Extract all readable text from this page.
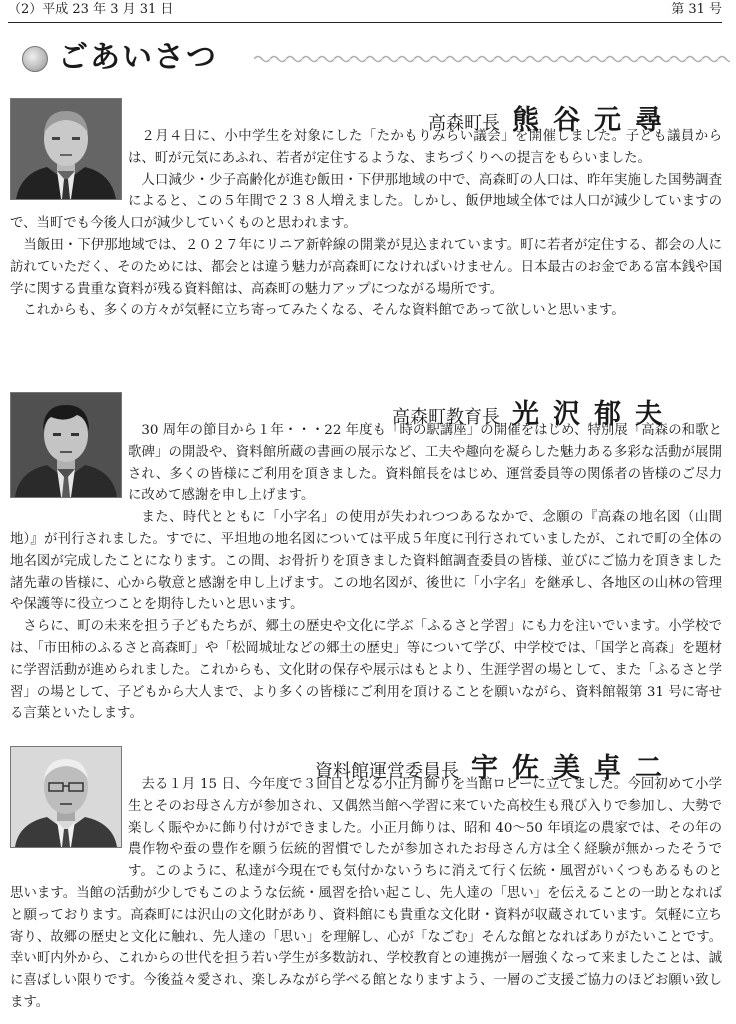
（2）平成 23 年 3 月 31 日	第 31 号
ごあいさつ
高森町長 熊谷元尋

２月４日に、小中学生を対象にした「たかもりみらい議会」を開催しました。子ども議員からは、町が元気にあふれ、若者が定住するような、まちづくりへの提言をもらいました。

人口減少・少子高齢化が進む飯田・下伊那地域の中で、高森町の人口は、昨年実施した国勢調査によると、この５年間で２３８人増えました。しかし、飯伊地域全体では人口が減少していますので、当町でも今後人口が減少していくものと思われます。

当飯田・下伊那地域では、２０２７年にリニア新幹線の開業が見込まれています。町に若者が定住する、都会の人に訪れていただく、そのためには、都会とは違う魅力が高森町になければいけません。日本最古のお金である富本銭や国学に関する貴重な資料が残る資料館は、高森町の魅力アップにつながる場所です。

これからも、多くの方々が気軽に立ち寄ってみたくなる、そんな資料館であって欲しいと思います。

高森町教育長 光沢郁夫

30 周年の節目から１年・・・22 年度も「時の駅講座」の開催をはじめ、特別展「高森の和歌と歌碑」の開設や、資料館所蔵の書画の展示など、工夫や趣向を凝らした魅力ある多彩な活動が展開され、多くの皆様にご利用を頂きました。資料館長をはじめ、運営委員等の関係者の皆様のご尽力に改めて感謝を申し上げます。

また、時代とともに「小字名」の使用が失われつつあるなかで、念願の『高森の地名図（山間地）』が刊行されました。すでに、平坦地の地名図については平成５年度に刊行されていましたが、これで町の全体の地名図が完成したことになります。この間、お骨折りを頂きました資料館調査委員の皆様、並びにご協力を頂きました諸先輩の皆様に、心から敬意と感謝を申し上げます。この地名図が、後世に「小字名」を継承し、各地区の山林の管理や保護等に役立つことを期待したいと思います。

さらに、町の未来を担う子どもたちが、郷土の歴史や文化に学ぶ「ふるさと学習」にも力を注いでいます。小学校では、「市田柿のふるさと高森町」や「松岡城址などの郷土の歴史」等について学び、中学校では、「国学と高森」を題材に学習活動が進められました。これからも、文化財の保存や展示はもとより、生涯学習の場として、また「ふるさと学習」の場として、子どもから大人まで、より多くの皆様にご利用を頂けることを願いながら、資料館報第 31 号に寄せる言葉といたします。

資料館運営委員長 宇佐美卓二

去る１月 15 日、今年度で３回目となる小正月飾りを当館ロビーに立てました。今回初めて小学生とそのお母さん方が参加され、又偶然当館へ学習に来ていた高校生も飛び入りで参加し、大勢で楽しく賑やかに飾り付けができました。小正月飾りは、昭和 40〜50 年頃迄の農家では、その年の農作物や蚕の豊作を願う伝統的習慣でしたが参加されたお母さん方は全く経験が無かったそうです。このように、私達が今現在でも気付かないうちに消えて行く伝統・風習がいくつもあるものと思います。当館の活動が少しでもこのような伝統・風習を拾い起こし、先人達の「思い」を伝えることの一助となればと願っております。高森町には沢山の文化財があり、資料館にも貴重な文化財・資料が収蔵されています。気軽に立ち寄り、故郷の歴史と文化に触れ、先人達の「思い」を理解し、心が「なごむ」そんな館となればありがたいことです。幸い町内外から、これからの世代を担う若い学生が多数訪れ、学校教育との連携が一層強くなって来ましたことは、誠に喜ばしい限りです。今後益々愛され、楽しみながら学べる館となりますよう、一層のご支援ご協力のほどお願い致します。
